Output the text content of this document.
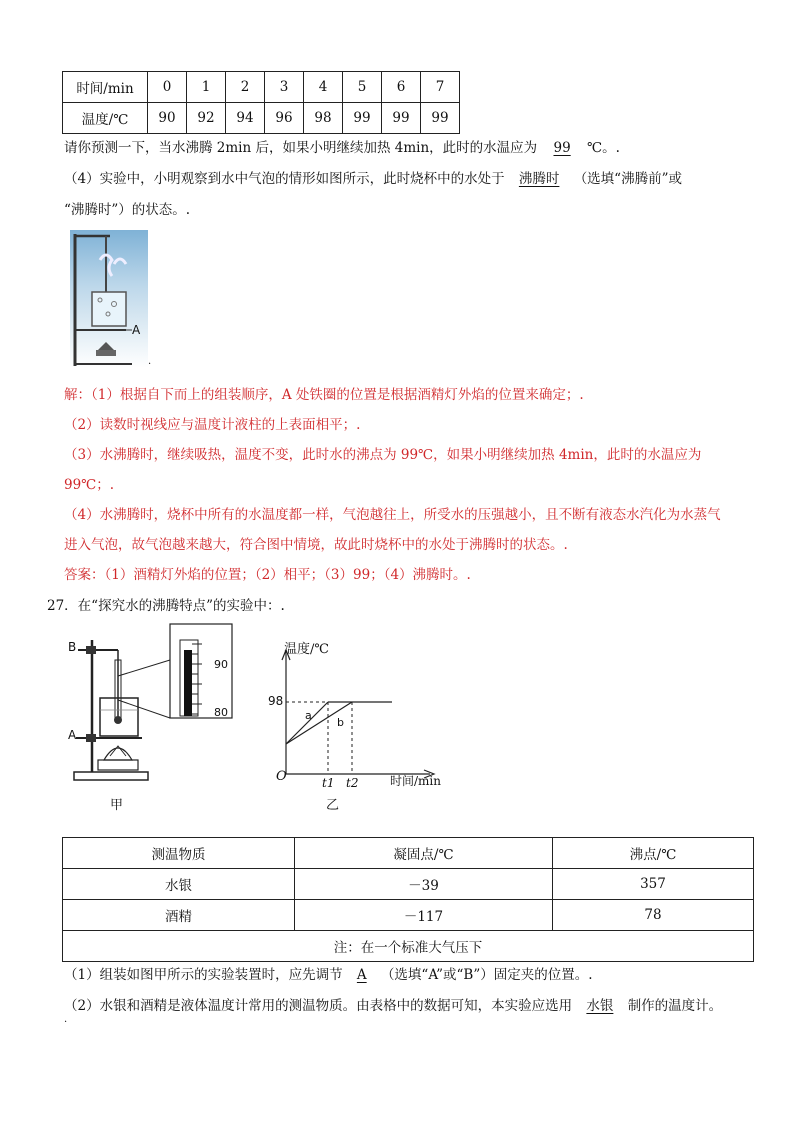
时间/min	0	1	2	3	4	5	6	7
温度/℃	90	92	94	96	98	99	99	99
请你预测一下，当水沸腾 2min 后，如果小明继续加热 4min，此时的水温应为 99 ℃。.
（4）实验中，小明观察到水中气泡的情形如图所示，此时烧杯中的水处于 沸腾时 （选填“沸腾前”或
“沸腾时”）的状态。.
A
.
解：（1）根据自下而上的组装顺序，A 处铁圈的位置是根据酒精灯外焰的位置来确定；.
（2）读数时视线应与温度计液柱的上表面相平；.
（3）水沸腾时，继续吸热，温度不变，此时水的沸点为 99℃，如果小明继续加热 4min，此时的水温应为
99℃；.
（4）水沸腾时，烧杯中所有的水温度都一样，气泡越往上，所受水的压强越小，且不断有液态水汽化为水蒸气
进入气泡，故气泡越来越大，符合图中情境，故此时烧杯中的水处于沸腾时的状态。.
答案：（1）酒精灯外焰的位置；（2）相平；（3）99；（4）沸腾时。.
27．在“探究水的沸腾特点”的实验中：.
B
A
90
80
甲
温度/℃
98
O	t1 t2	时间/min
a
b
乙
测温物质	凝固点/℃	沸点/℃
水银	－39	357
酒精	－117	78
注：在一个标准大气压下		
（1）组装如图甲所示的实验装置时，应先调节 A （选填“A”或“B”）固定夹的位置。.
（2）水银和酒精是液体温度计常用的测温物质。由表格中的数据可知，本实验应选用 水银 制作的温度计。
.
